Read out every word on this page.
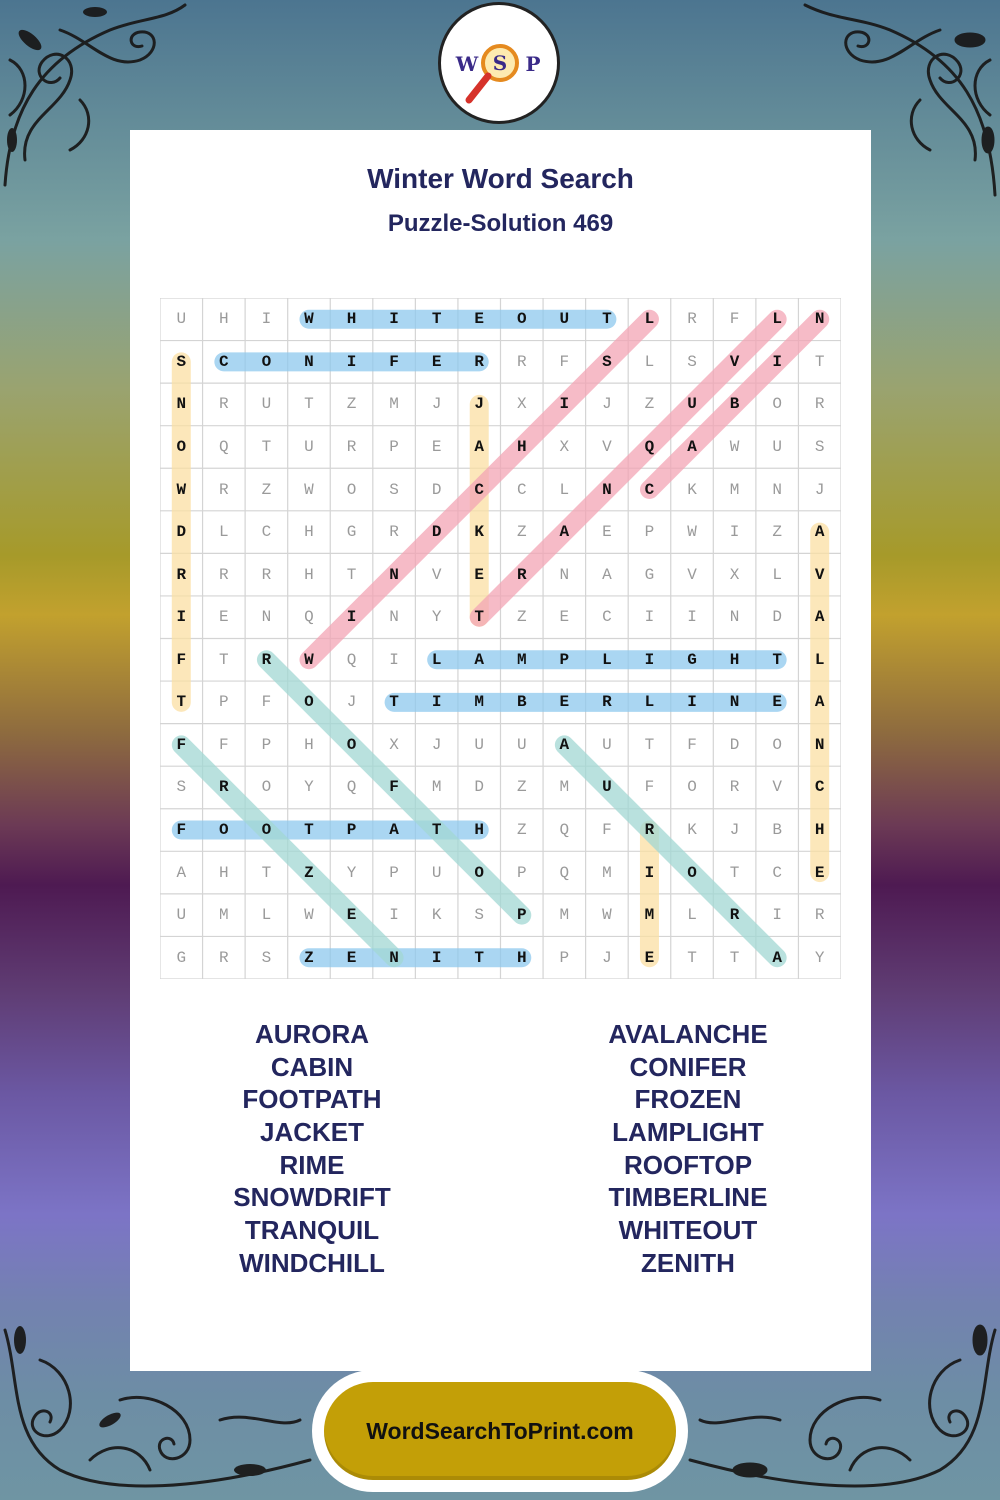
W S P
Winter Word Search
Puzzle-Solution 469
U	H	I	W	H	I	T	E	O	U	T	L	R	F	L	N
S	C	O	N	I	F	E	R	R	F	S	L	S	V	I	T
N	R	U	T	Z	M	J	J	X	I	J	Z	U	B	O	R
O	Q	T	U	R	P	E	A	H	X	V	Q	A	W	U	S
W	R	Z	W	O	S	D	C	C	L	N	C	K	M	N	J
D	L	C	H	G	R	D	K	Z	A	E	P	W	I	Z	A
R	R	R	H	T	N	V	E	R	N	A	G	V	X	L	V
I	E	N	Q	I	N	Y	T	Z	E	C	I	I	N	D	A
F	T	R	W	Q	I	L	A	M	P	L	I	G	H	T	L
T	P	F	O	J	T	I	M	B	E	R	L	I	N	E	A
F	F	P	H	O	X	J	U	U	A	U	T	F	D	O	N
S	R	O	Y	Q	F	M	D	Z	M	U	F	O	R	V	C
F	O	O	T	P	A	T	H	Z	Q	F	R	K	J	B	H
A	H	T	Z	Y	P	U	O	P	Q	M	I	O	T	C	E
U	M	L	W	E	I	K	S	P	M	W	M	L	R	I	R
G	R	S	Z	E	N	I	T	H	P	J	E	T	T	A	Y
AURORA
CABIN
FOOTPATH
JACKET
RIME
SNOWDRIFT
TRANQUIL
WINDCHILL
AVALANCHE
CONIFER
FROZEN
LAMPLIGHT
ROOFTOP
TIMBERLINE
WHITEOUT
ZENITH
WordSearchToPrint.com
